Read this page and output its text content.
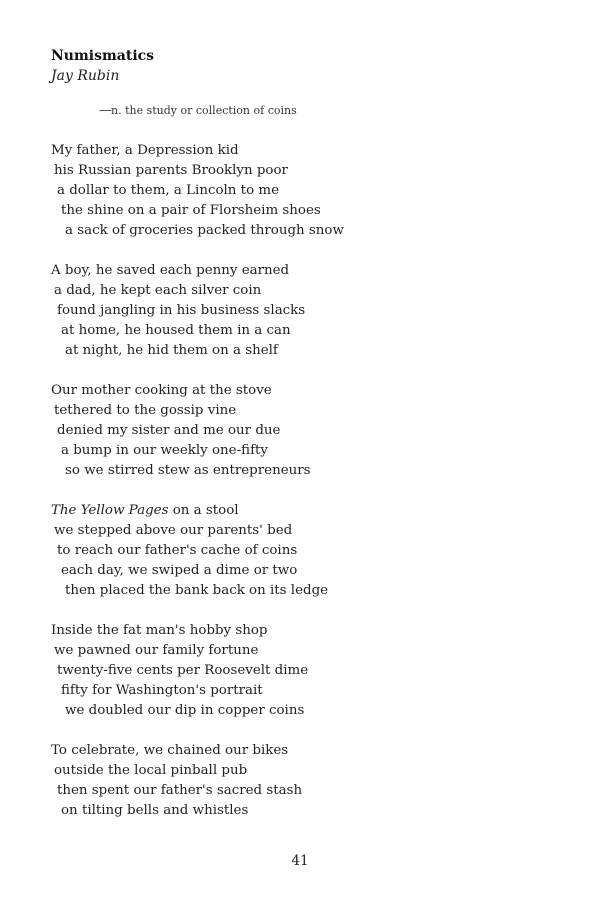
Numismatics
Jay Rubin
—n. the study or collection of coins
My father, a Depression kid
his Russian parents Brooklyn poor
a dollar to them, a Lincoln to me
the shine on a pair of Florsheim shoes
a sack of groceries packed through snow
A boy, he saved each penny earned
a dad, he kept each silver coin
found jangling in his business slacks
at home, he housed them in a can
at night, he hid them on a shelf
Our mother cooking at the stove
tethered to the gossip vine
denied my sister and me our due
a bump in our weekly one-fifty
so we stirred stew as entrepreneurs
The Yellow Pages on a stool
we stepped above our parents' bed
to reach our father's cache of coins
each day, we swiped a dime or two
then placed the bank back on its ledge
Inside the fat man's hobby shop
we pawned our family fortune
twenty-five cents per Roosevelt dime
fifty for Washington's portrait
we doubled our dip in copper coins
To celebrate, we chained our bikes
outside the local pinball pub
then spent our father's sacred stash
on tilting bells and whistles
41
